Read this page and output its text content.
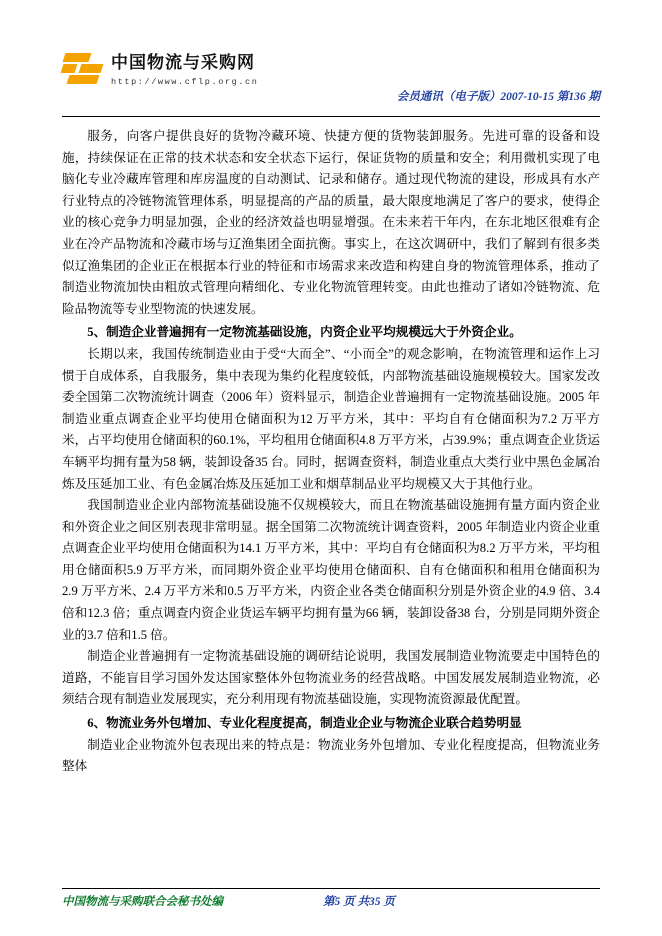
中国物流与采购网
http://www.cflp.org.cn
会员通讯（电子版）2007-10-15 第136 期

服务，向客户提供良好的货物冷藏环境、快捷方便的货物装卸服务。先进可靠的设备和设施，持续保证在正常的技术状态和安全状态下运行，保证货物的质量和安全；利用微机实现了电脑化专业冷藏库管理和库房温度的自动测试、记录和储存。通过现代物流的建设，形成具有水产行业特点的冷链物流管理体系，明显提高的产品的质量，最大限度地满足了客户的要求，使得企业的核心竞争力明显加强，企业的经济效益也明显增强。在未来若干年内，在东北地区很难有企业在冷产品物流和冷藏市场与辽渔集团全面抗衡。事实上，在这次调研中，我们了解到有很多类似辽渔集团的企业正在根据本行业的特征和市场需求来改造和构建自身的物流管理体系，推动了制造业物流加快由粗放式管理向精细化、专业化物流管理转变。由此也推动了诸如冷链物流、危险品物流等专业型物流的快速发展。

5、制造企业普遍拥有一定物流基础设施，内资企业平均规模远大于外资企业。

长期以来，我国传统制造业由于受“大而全”、“小而全”的观念影响，在物流管理和运作上习惯于自成体系，自我服务，集中表现为集约化程度较低，内部物流基础设施规模较大。国家发改委全国第二次物流统计调查（2006 年）资料显示，制造企业普遍拥有一定物流基础设施。2005 年制造业重点调查企业平均使用仓储面积为12 万平方米，其中：平均自有仓储面积为7.2 万平方米，占平均使用仓储面积的60.1%，平均租用仓储面积4.8 万平方米，占39.9%；重点调查企业货运车辆平均拥有量为58 辆，装卸设备35 台。同时，据调查资料，制造业重点大类行业中黑色金属冶炼及压延加工业、有色金属冶炼及压延加工业和烟草制品业平均规模又大于其他行业。

我国制造业企业内部物流基础设施不仅规模较大，而且在物流基础设施拥有量方面内资企业和外资企业之间区别表现非常明显。据全国第二次物流统计调查资料，2005 年制造业内资企业重点调查企业平均使用仓储面积为14.1 万平方米，其中：平均自有仓储面积为8.2 万平方米，平均租用仓储面积5.9 万平方米，而同期外资企业平均使用仓储面积、自有仓储面积和租用仓储面积为2.9 万平方米、2.4 万平方米和0.5 万平方米，内资企业各类仓储面积分别是外资企业的4.9 倍、3.4 倍和12.3 倍；重点调查内资企业货运车辆平均拥有量为66 辆，装卸设备38 台，分别是同期外资企业的3.7 倍和1.5 倍。

制造企业普遍拥有一定物流基础设施的调研结论说明，我国发展制造业物流要走中国特色的道路，不能盲目学习国外发达国家整体外包物流业务的经营战略。中国发展发展制造业物流，必须结合现有制造业发展现实，充分利用现有物流基础设施，实现物流资源最优配置。

6、物流业务外包增加、专业化程度提高，制造业企业与物流企业联合趋势明显

制造业企业物流外包表现出来的特点是：物流业务外包增加、专业化程度提高，但物流业务整体

中国物流与采购联合会秘书处编	第5 页 共35 页
